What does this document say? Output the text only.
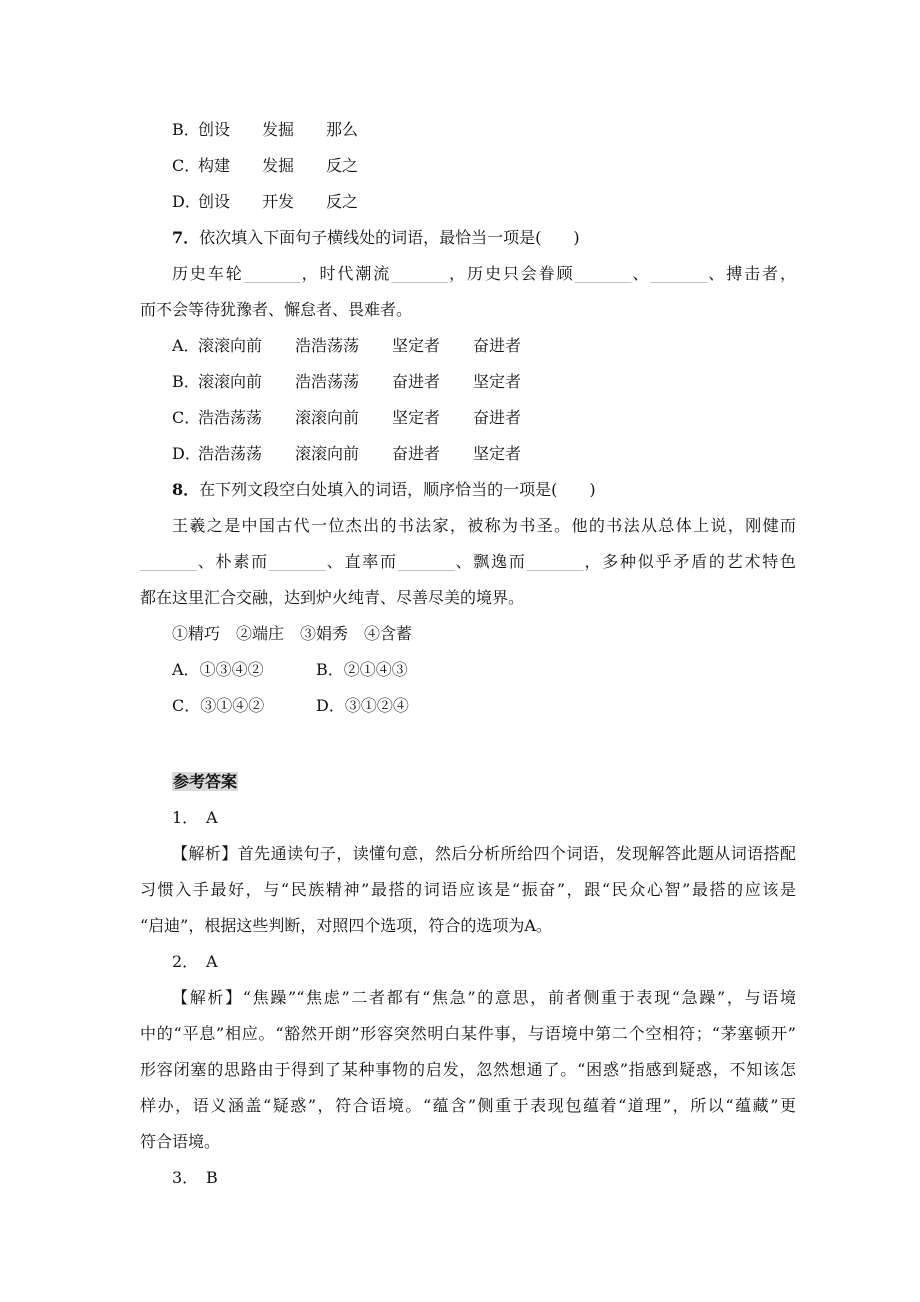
B．创设 发掘 那么
C．构建 发掘 反之
D．创设 开发 反之
7．依次填入下面句子横线处的词语，最恰当一项是(　　)
历史车轮________，时代潮流________，历史只会眷顾________、________、搏击者，
而不会等待犹豫者、懈怠者、畏难者。
A．滚滚向前 浩浩荡荡 坚定者 奋进者
B．滚滚向前 浩浩荡荡 奋进者 坚定者
C．浩浩荡荡 滚滚向前 坚定者 奋进者
D．浩浩荡荡 滚滚向前 奋进者 坚定者
8．在下列文段空白处填入的词语，顺序恰当的一项是(　　)
王羲之是中国古代一位杰出的书法家，被称为书圣。他的书法从总体上说，刚健而
________、朴素而________、直率而________、飘逸而________，多种似乎矛盾的艺术特色
都在这里汇合交融，达到炉火纯青、尽善尽美的境界。
①精巧　②端庄　③娟秀　④含蓄
A．①③④②	B．②①④③
C．③①④②	D．③①②④
参考答案
1． A
【解析】首先通读句子，读懂句意，然后分析所给四个词语，发现解答此题从词语搭配
习惯入手最好，与“民族精神”最搭的词语应该是“振奋”，跟“民众心智”最搭的应该是
“启迪”，根据这些判断，对照四个选项，符合的选项为A。
2． A
【解析】“焦躁”“焦虑”二者都有“焦急”的意思，前者侧重于表现“急躁”，与语境
中的“平息”相应。“豁然开朗”形容突然明白某件事，与语境中第二个空相符；“茅塞顿开”
形容闭塞的思路由于得到了某种事物的启发，忽然想通了。“困惑”指感到疑惑，不知该怎
样办，语义涵盖“疑惑”，符合语境。“蕴含”侧重于表现包蕴着“道理”，所以“蕴藏”更
符合语境。
3． B
